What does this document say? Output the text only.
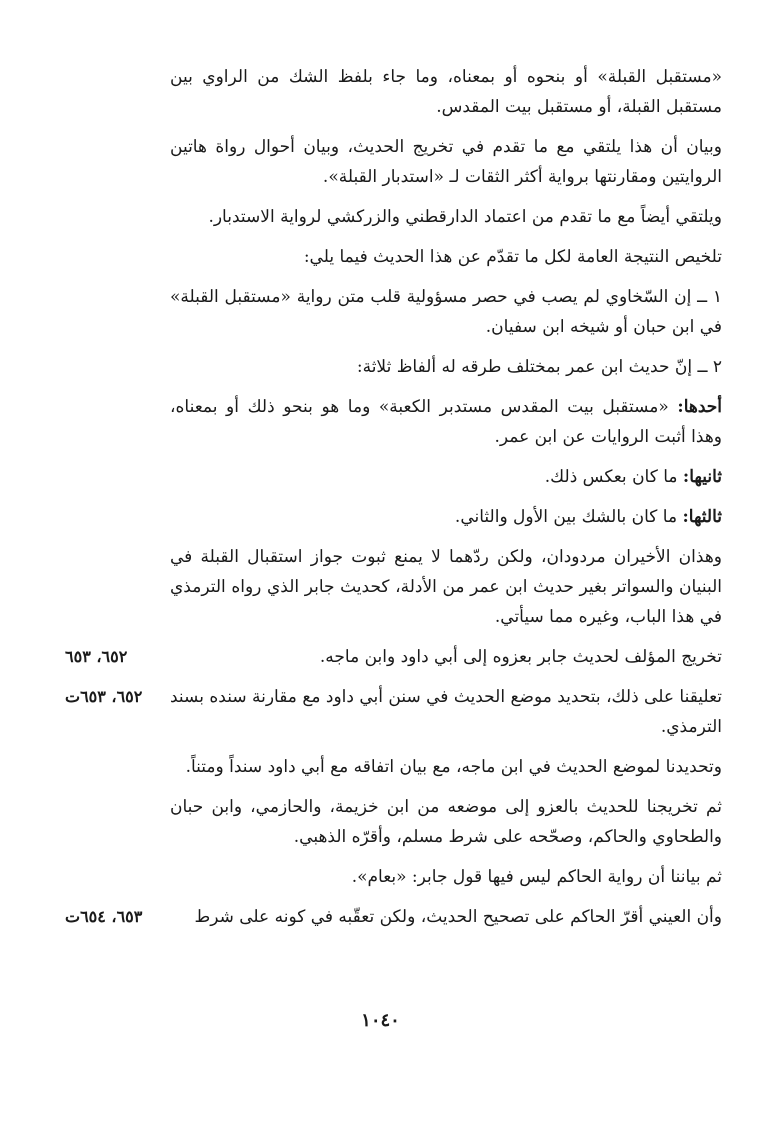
«مستقبل القبلة» أو بنحوه أو بمعناه، وما جاء بلفظ الشك من الراوي بين مستقبل القبلة، أو مستقبل بيت المقدس.

وبيان أن هذا يلتقي مع ما تقدم في تخريج الحديث، وبيان أحوال رواة هاتين الروايتين ومقارنتها برواية أكثر الثقات لـ «استدبار القبلة».

ويلتقي أيضاً مع ما تقدم من اعتماد الدارقطني والزركشي لرواية الاستدبار.

تلخيص النتيجة العامة لكل ما تقدّم عن هذا الحديث فيما يلي:

١ ــ إن السّخاوي لم يصب في حصر مسؤولية قلب متن رواية «مستقبل القبلة» في ابن حبان أو شيخه ابن سفيان.

٢ ــ إنّ حديث ابن عمر بمختلف طرقه له ألفاظ ثلاثة:

أحدها: «مستقبل بيت المقدس مستدبر الكعبة» وما هو بنحو ذلك أو بمعناه، وهذا أثبت الروايات عن ابن عمر.

ثانيها: ما كان بعكس ذلك.

ثالثها: ما كان بالشك بين الأول والثاني.

وهذان الأخيران مردودان، ولكن ردّهما لا يمنع ثبوت جواز استقبال القبلة في البنيان والسواتر بغير حديث ابن عمر من الأدلة، كحديث جابر الذي رواه الترمذي في هذا الباب، وغيره مما سيأتي.

تخريج المؤلف لحديث جابر بعزوه إلى أبي داود وابن ماجه.
٦٥٢، ٦٥٣

تعليقنا على ذلك، بتحديد موضع الحديث في سنن أبي داود مع مقارنة سنده بسند الترمذي.
٦٥٢، ٦٥٣ت

وتحديدنا لموضع الحديث في ابن ماجه، مع بيان اتفاقه مع أبي داود سنداً ومتناً.

ثم تخريجنا للحديث بالعزو إلى موضعه من ابن خزيمة، والحازمي، وابن حبان والطحاوي والحاكم، وصحّحه على شرط مسلم، وأقرّه الذهبي.

ثم بياننا أن رواية الحاكم ليس فيها قول جابر: «بعام».

وأن العيني أقرّ الحاكم على تصحيح الحديث، ولكن تعقّبه في كونه على شرط
٦٥٣، ٦٥٤ت

١٠٤٠
